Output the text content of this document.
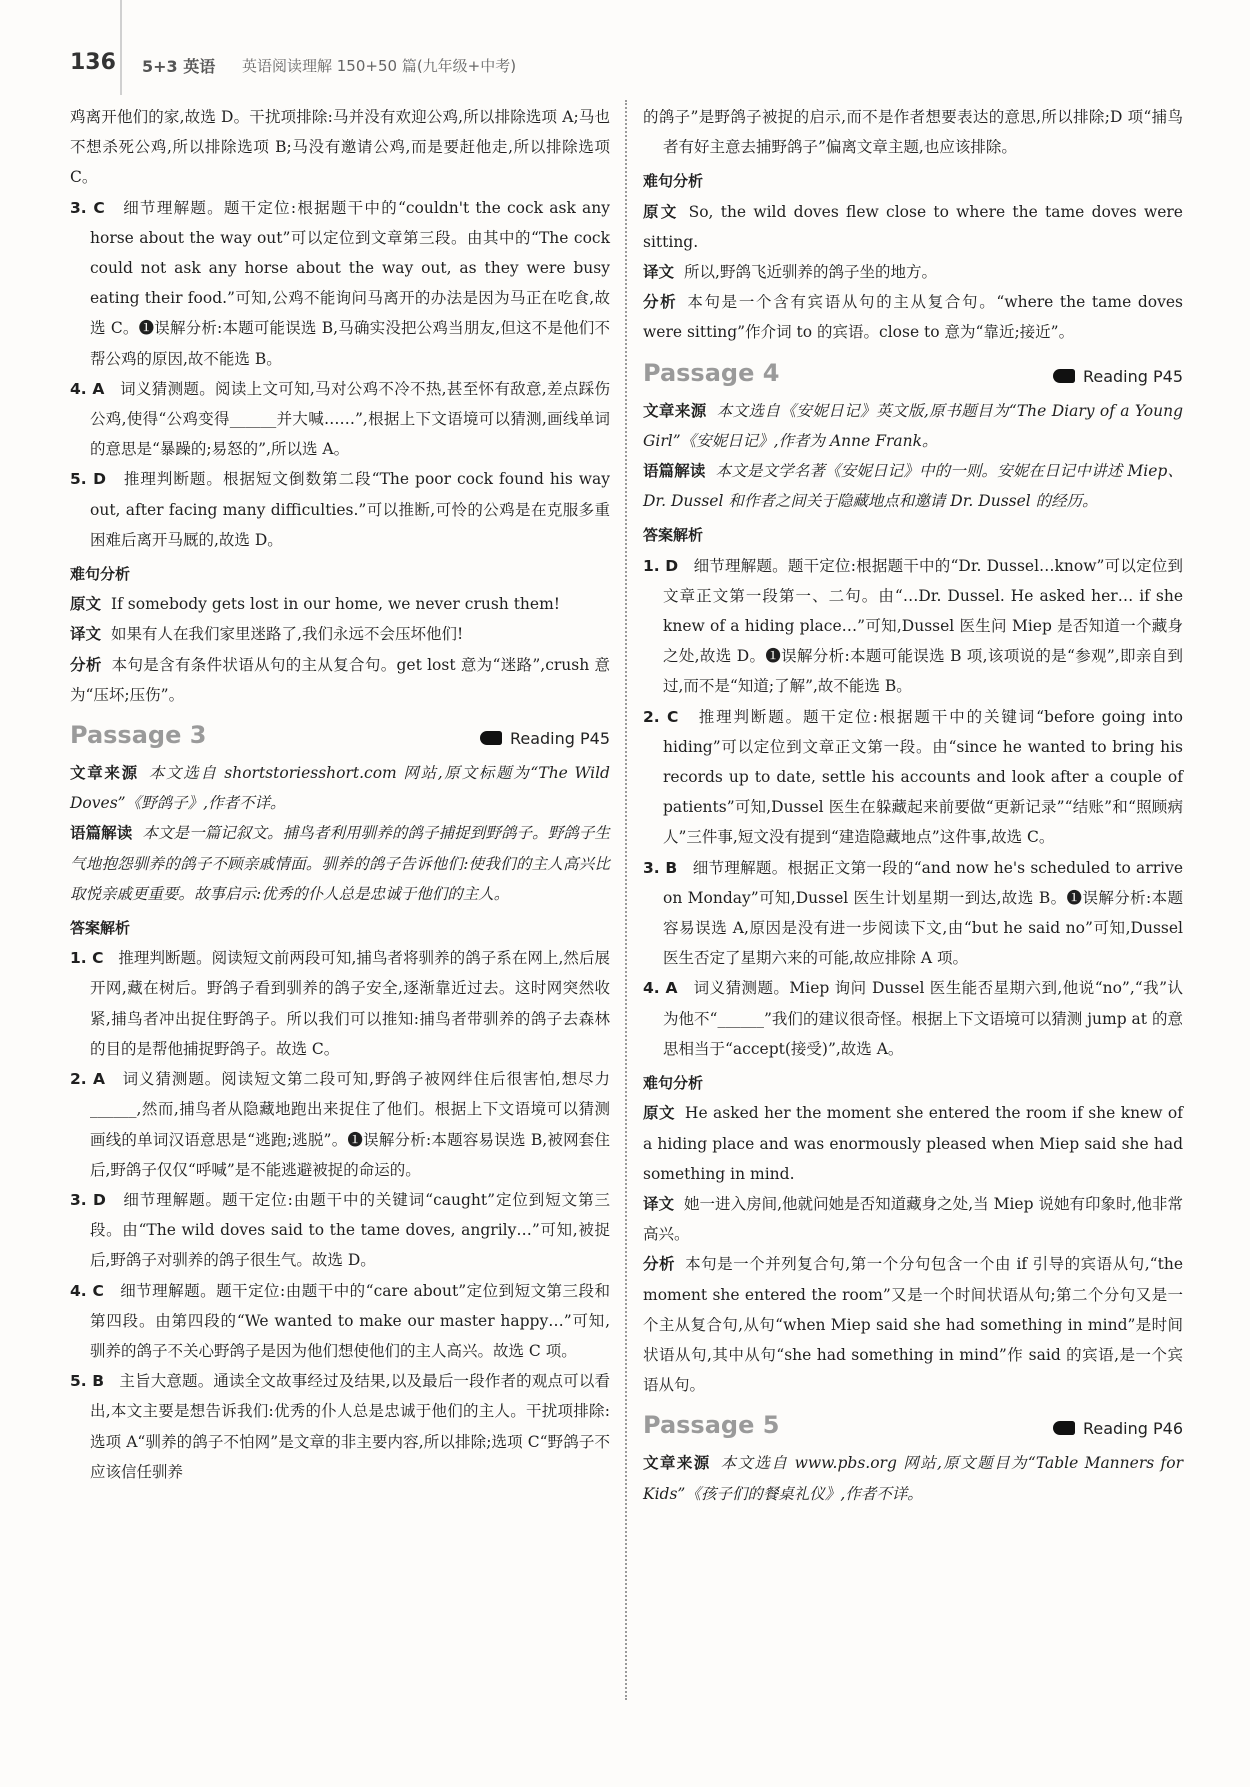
136 5+3 英语 英语阅读理解 150+50 篇(九年级+中考)

鸡离开他们的家,故选 D。干扰项排除:马并没有欢迎公鸡,所以排除选项 A;马也不想杀死公鸡,所以排除选项 B;马没有邀请公鸡,而是要赶他走,所以排除选项 C。

3. C 细节理解题。题干定位:根据题干中的“couldn't the cock ask any horse about the way out”可以定位到文章第三段。由其中的“The cock could not ask any horse about the way out, as they were busy eating their food.”可知,公鸡不能询问马离开的办法是因为马正在吃食,故选 C。❶误解分析:本题可能误选 B,马确实没把公鸡当朋友,但这不是他们不帮公鸡的原因,故不能选 B。

4. A 词义猜测题。阅读上文可知,马对公鸡不冷不热,甚至怀有敌意,差点踩伤公鸡,使得“公鸡变得______并大喊……”,根据上下文语境可以猜测,画线单词的意思是“暴躁的;易怒的”,所以选 A。

5. D 推理判断题。根据短文倒数第二段“The poor cock found his way out, after facing many difficulties.”可以推断,可怜的公鸡是在克服多重困难后离开马厩的,故选 D。

难句分析

原文 If somebody gets lost in our home, we never crush them!

译文 如果有人在我们家里迷路了,我们永远不会压坏他们!

分析 本句是含有条件状语从句的主从复合句。get lost 意为“迷路”,crush 意为“压坏;压伤”。

Passage 3	Reading P45

文章来源 本文选自 shortstoriesshort.com 网站,原文标题为“The Wild Doves”《野鸽子》,作者不详。

语篇解读 本文是一篇记叙文。捕鸟者利用驯养的鸽子捕捉到野鸽子。野鸽子生气地抱怨驯养的鸽子不顾亲戚情面。驯养的鸽子告诉他们:使我们的主人高兴比取悦亲戚更重要。故事启示:优秀的仆人总是忠诚于他们的主人。

答案解析

1. C 推理判断题。阅读短文前两段可知,捕鸟者将驯养的鸽子系在网上,然后展开网,藏在树后。野鸽子看到驯养的鸽子安全,逐渐靠近过去。这时网突然收紧,捕鸟者冲出捉住野鸽子。所以我们可以推知:捕鸟者带驯养的鸽子去森林的目的是帮他捕捉野鸽子。故选 C。

2. A 词义猜测题。阅读短文第二段可知,野鸽子被网绊住后很害怕,想尽力______,然而,捕鸟者从隐藏地跑出来捉住了他们。根据上下文语境可以猜测画线的单词汉语意思是“逃跑;逃脱”。❶误解分析:本题容易误选 B,被网套住后,野鸽子仅仅“呼喊”是不能逃避被捉的命运的。

3. D 细节理解题。题干定位:由题干中的关键词“caught”定位到短文第三段。由“The wild doves said to the tame doves, angrily…”可知,被捉后,野鸽子对驯养的鸽子很生气。故选 D。

4. C 细节理解题。题干定位:由题干中的“care about”定位到短文第三段和第四段。由第四段的“We wanted to make our master happy…”可知,驯养的鸽子不关心野鸽子是因为他们想使他们的主人高兴。故选 C 项。

5. B 主旨大意题。通读全文故事经过及结果,以及最后一段作者的观点可以看出,本文主要是想告诉我们:优秀的仆人总是忠诚于他们的主人。干扰项排除:选项 A“驯养的鸽子不怕网”是文章的非主要内容,所以排除;选项 C“野鸽子不应该信任驯养

的鸽子”是野鸽子被捉的启示,而不是作者想要表达的意思,所以排除;D 项“捕鸟者有好主意去捕野鸽子”偏离文章主题,也应该排除。

难句分析

原文 So, the wild doves flew close to where the tame doves were sitting.

译文 所以,野鸽飞近驯养的鸽子坐的地方。

分析 本句是一个含有宾语从句的主从复合句。“where the tame doves were sitting”作介词 to 的宾语。close to 意为“靠近;接近”。

Passage 4	Reading P45

文章来源 本文选自《安妮日记》英文版,原书题目为“The Diary of a Young Girl”《安妮日记》,作者为 Anne Frank。

语篇解读 本文是文学名著《安妮日记》中的一则。安妮在日记中讲述 Miep、Dr. Dussel 和作者之间关于隐藏地点和邀请 Dr. Dussel 的经历。

答案解析

1. D 细节理解题。题干定位:根据题干中的“Dr. Dussel…know”可以定位到文章正文第一段第一、二句。由“…Dr. Dussel. He asked her… if she knew of a hiding place…”可知,Dussel 医生问 Miep 是否知道一个藏身之处,故选 D。❶误解分析:本题可能误选 B 项,该项说的是“参观”,即亲自到过,而不是“知道;了解”,故不能选 B。

2. C 推理判断题。题干定位:根据题干中的关键词“before going into hiding”可以定位到文章正文第一段。由“since he wanted to bring his records up to date, settle his accounts and look after a couple of patients”可知,Dussel 医生在躲藏起来前要做“更新记录”“结账”和“照顾病人”三件事,短文没有提到“建造隐藏地点”这件事,故选 C。

3. B 细节理解题。根据正文第一段的“and now he's scheduled to arrive on Monday”可知,Dussel 医生计划星期一到达,故选 B。❶误解分析:本题容易误选 A,原因是没有进一步阅读下文,由“but he said no”可知,Dussel 医生否定了星期六来的可能,故应排除 A 项。

4. A 词义猜测题。Miep 询问 Dussel 医生能否星期六到,他说“no”,“我”认为他不“______”我们的建议很奇怪。根据上下文语境可以猜测 jump at 的意思相当于“accept(接受)”,故选 A。

难句分析

原文 He asked her the moment she entered the room if she knew of a hiding place and was enormously pleased when Miep said she had something in mind.

译文 她一进入房间,他就问她是否知道藏身之处,当 Miep 说她有印象时,他非常高兴。

分析 本句是一个并列复合句,第一个分句包含一个由 if 引导的宾语从句,“the moment she entered the room”又是一个时间状语从句;第二个分句又是一个主从复合句,从句“when Miep said she had something in mind”是时间状语从句,其中从句“she had something in mind”作 said 的宾语,是一个宾语从句。

Passage 5	Reading P46

文章来源 本文选自 www.pbs.org 网站,原文题目为“Table Manners for Kids”《孩子们的餐桌礼仪》,作者不详。
